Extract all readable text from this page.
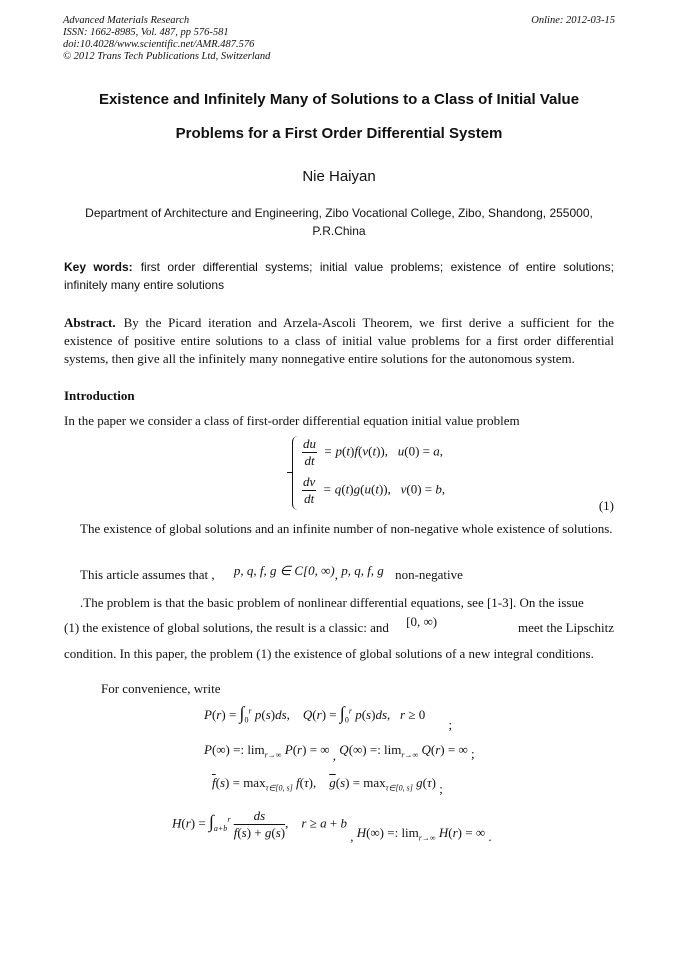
Advanced Materials Research
ISSN: 1662-8985, Vol. 487, pp 576-581
doi:10.4028/www.scientific.net/AMR.487.576
© 2012 Trans Tech Publications Ltd, Switzerland
Online: 2012-03-15
Existence and Infinitely Many of Solutions to a Class of Initial Value
Problems for a First Order Differential System
Nie Haiyan
Department of Architecture and Engineering, Zibo Vocational College, Zibo, Shandong, 255000, P.R.China
Key words: first order differential systems; initial value problems; existence of entire solutions; infinitely many entire solutions
Abstract. By the Picard iteration and Arzela-Ascoli Theorem, we first derive a sufficient for the existence of positive entire solutions to a class of initial value problems for a first order differential systems, then give all the infinitely many nonnegative entire solutions for the autonomous system.
Introduction
In the paper we consider a class of first-order differential equation initial value problem
$\frac{du}{dt} = p(t)f(v(t))$,   u(0) = a,
$\frac{dv}{dt} = q(t)g(u(t))$,   v(0) = b,
(1)
The existence of global solutions and an infinite number of non-negative whole existence of solutions.
This article assumes that , p, q, f, g ∈ C[0, ∞), p, q, f, g non-negative
.The problem is that the basic problem of nonlinear differential equations, see [1-3]. On the issue
(1) the existence of global solutions, the result is a classic: and [0, ∞)	meet the Lipschitz
condition. In this paper, the problem (1) the existence of global solutions of a new integral conditions.
For convenience, write
$P(r) = \int_0^r$ p(s)ds,    $Q(r) = \int_0^r$ p(s)ds,   r ≥ 0 ;
P(∞) =: $\lim_{r\to\infty} P(r)$ = ∞ , Q(∞) =: $\lim_{r\to\infty} Q(r)$ = ∞ ;
$\overline{f}(s) = \max_{\tau\in[0, s]} f(\tau)$,    $\overline{g}(s) = \max_{\tau\in[0, s]} g(\tau)$ ;
$H(r) = \int_{a+b}^r \frac{ds}{\overline{f}(s) + \overline{g}(s)}$ ,    r ≥ a + b , H(∞) =: $\lim_{r\to\infty} H(r)$ = ∞ .
